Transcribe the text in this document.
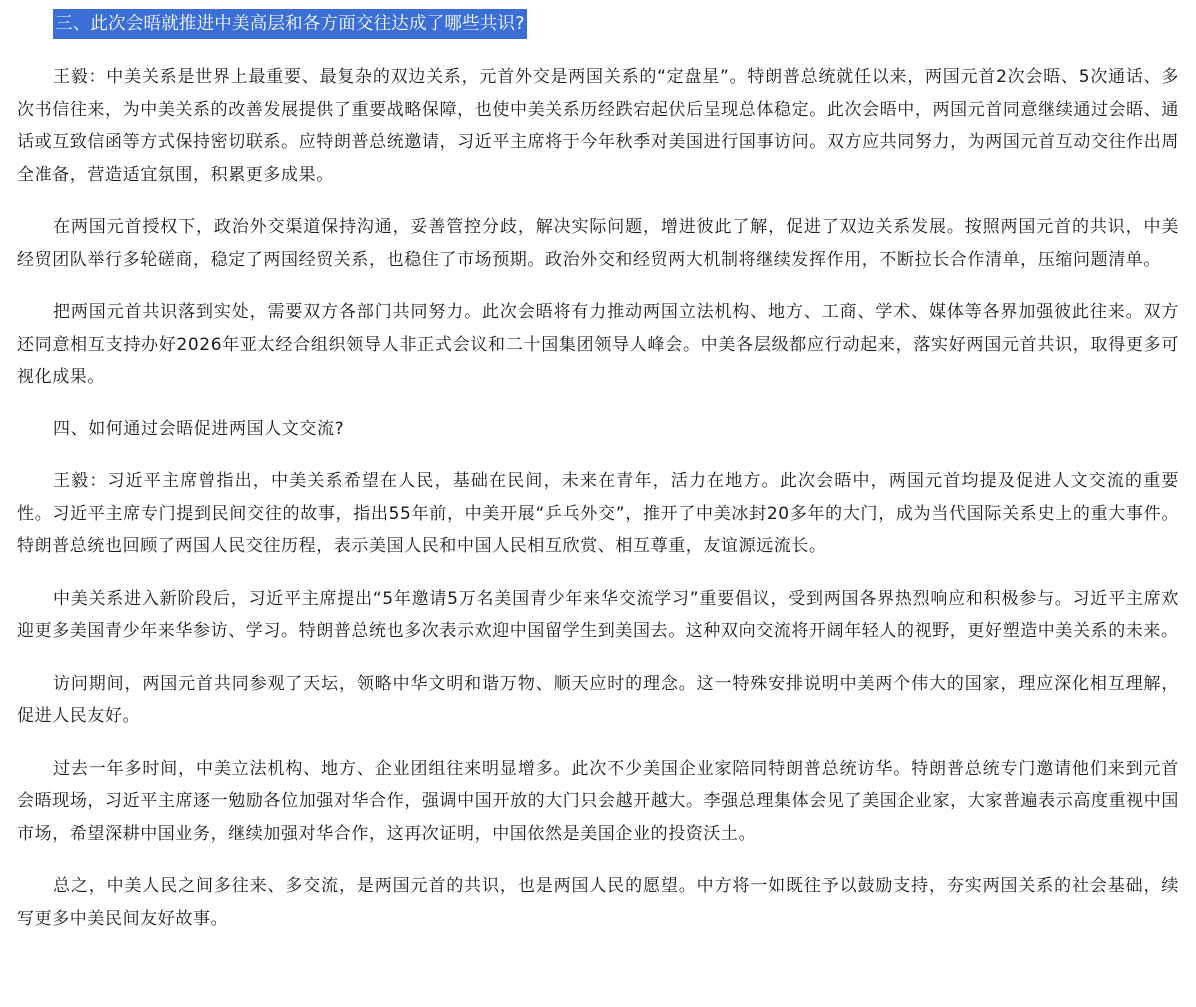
三、此次会晤就推进中美高层和各方面交往达成了哪些共识?

王毅：中美关系是世界上最重要、最复杂的双边关系，元首外交是两国关系的“定盘星”。特朗普总统就任以来，两国元首2次会晤、5次通话、多次书信往来，为中美关系的改善发展提供了重要战略保障，也使中美关系历经跌宕起伏后呈现总体稳定。此次会晤中，两国元首同意继续通过会晤、通话或互致信函等方式保持密切联系。应特朗普总统邀请，习近平主席将于今年秋季对美国进行国事访问。双方应共同努力，为两国元首互动交往作出周全准备，营造适宜氛围，积累更多成果。

在两国元首授权下，政治外交渠道保持沟通，妥善管控分歧，解决实际问题，增进彼此了解，促进了双边关系发展。按照两国元首的共识，中美经贸团队举行多轮磋商，稳定了两国经贸关系，也稳住了市场预期。政治外交和经贸两大机制将继续发挥作用，不断拉长合作清单，压缩问题清单。

把两国元首共识落到实处，需要双方各部门共同努力。此次会晤将有力推动两国立法机构、地方、工商、学术、媒体等各界加强彼此往来。双方还同意相互支持办好2026年亚太经合组织领导人非正式会议和二十国集团领导人峰会。中美各层级都应行动起来，落实好两国元首共识，取得更多可视化成果。

四、如何通过会晤促进两国人文交流?

王毅：习近平主席曾指出，中美关系希望在人民，基础在民间，未来在青年，活力在地方。此次会晤中，两国元首均提及促进人文交流的重要性。习近平主席专门提到民间交往的故事，指出55年前，中美开展“乒乓外交”，推开了中美冰封20多年的大门，成为当代国际关系史上的重大事件。特朗普总统也回顾了两国人民交往历程，表示美国人民和中国人民相互欣赏、相互尊重，友谊源远流长。

中美关系进入新阶段后，习近平主席提出“5年邀请5万名美国青少年来华交流学习”重要倡议，受到两国各界热烈响应和积极参与。习近平主席欢迎更多美国青少年来华参访、学习。特朗普总统也多次表示欢迎中国留学生到美国去。这种双向交流将开阔年轻人的视野，更好塑造中美关系的未来。

访问期间，两国元首共同参观了天坛，领略中华文明和谐万物、顺天应时的理念。这一特殊安排说明中美两个伟大的国家，理应深化相互理解，促进人民友好。

过去一年多时间，中美立法机构、地方、企业团组往来明显增多。此次不少美国企业家陪同特朗普总统访华。特朗普总统专门邀请他们来到元首会晤现场，习近平主席逐一勉励各位加强对华合作，强调中国开放的大门只会越开越大。李强总理集体会见了美国企业家，大家普遍表示高度重视中国市场，希望深耕中国业务，继续加强对华合作，这再次证明，中国依然是美国企业的投资沃土。

总之，中美人民之间多往来、多交流，是两国元首的共识，也是两国人民的愿望。中方将一如既往予以鼓励支持，夯实两国关系的社会基础，续写更多中美民间友好故事。
